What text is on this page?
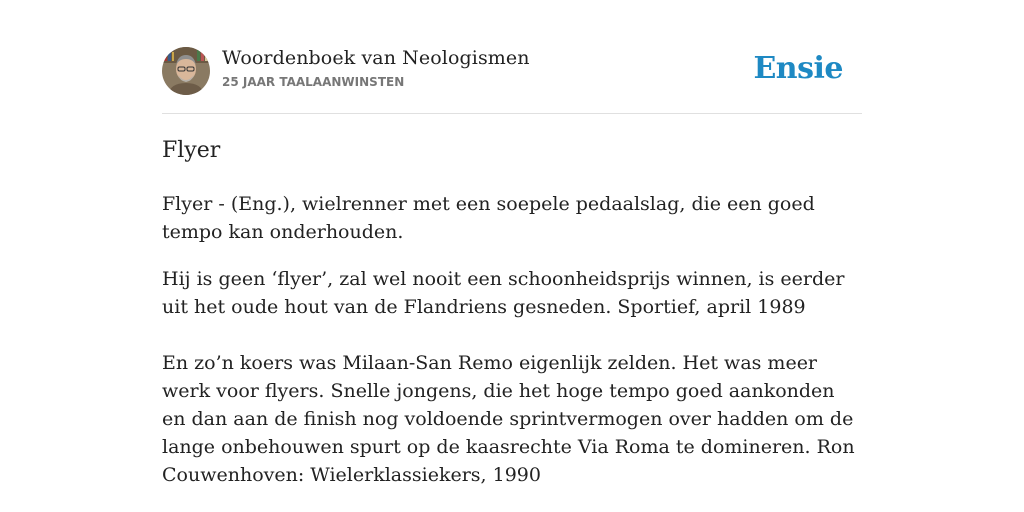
Woordenboek van Neologismen
25 JAAR TAALAANWINSTEN	Ensie
Flyer
Flyer - (Eng.), wielrenner met een soepele pedaalslag, die een goed tempo kan onderhouden.
Hij is geen ‘flyer’, zal wel nooit een schoonheidsprijs winnen, is eerder uit het oude hout van de Flandriens gesneden. Sportief, april 1989
En zo’n koers was Milaan-San Remo eigenlijk zelden. Het was meer werk voor flyers. Snelle jongens, die het hoge tempo goed aankonden en dan aan de finish nog voldoende sprintvermogen over hadden om de lange onbehouwen spurt op de kaasrechte Via Roma te domineren. Ron Couwenhoven: Wielerklassiekers, 1990
